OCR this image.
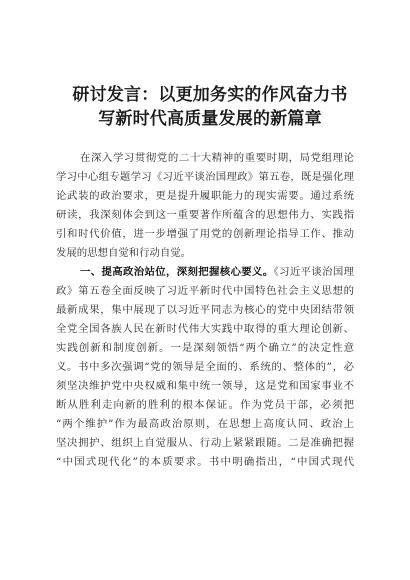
研讨发言：以更加务实的作风奋力书
写新时代高质量发展的新篇章
在深入学习贯彻党的二十大精神的重要时期，局党组理论
学习中心组专题学习《习近平谈治国理政》第五卷，既是强化理
论武装的政治要求，更是提升履职能力的现实需要。通过系统
研读，我深刻体会到这一重要著作所蕴含的思想伟力、实践指
引和时代价值，进一步增强了用党的创新理论指导工作、推动
发展的思想自觉和行动自觉。
一、提高政治站位，深刻把握核心要义。《习近平谈治国理
政》第五卷全面反映了习近平新时代中国特色社会主义思想的
最新成果，集中展现了以习近平同志为核心的党中央团结带领
全党全国各族人民在新时代伟大实践中取得的重大理论创新、
实践创新和制度创新。一是深刻领悟“两个确立”的决定性意
义。书中多次强调“党的领导是全面的、系统的、整体的”，必
须坚决维护党中央权威和集中统一领导，这是党和国家事业不
断从胜利走向新的胜利的根本保证。作为党员干部，必须把
“两个维护”作为最高政治原则，在思想上高度认同、政治上
坚决拥护、组织上自觉服从、行动上紧紧跟随。二是准确把握
“中国式现代化”的本质要求。书中明确指出，“中国式现代
